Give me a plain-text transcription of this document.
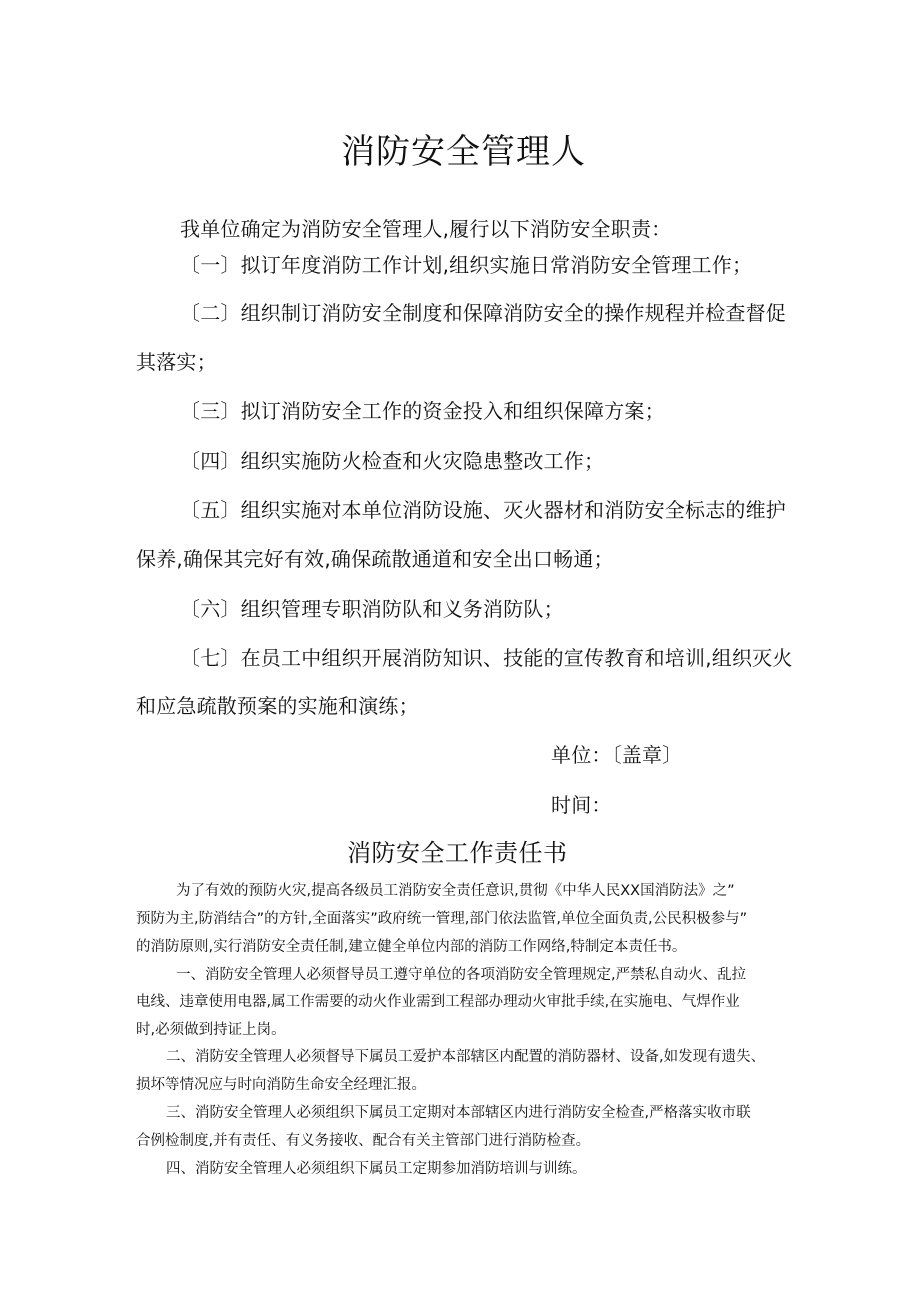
消防安全管理人
我单位确定为消防安全管理人,履行以下消防安全职责：
〔一〕拟订年度消防工作计划,组织实施日常消防安全管理工作；
〔二〕组织制订消防安全制度和保障消防安全的操作规程并检查督促
其落实；
〔三〕拟订消防安全工作的资金投入和组织保障方案；
〔四〕组织实施防火检查和火灾隐患整改工作；
〔五〕组织实施对本单位消防设施、灭火器材和消防安全标志的维护
保养,确保其完好有效,确保疏散通道和安全出口畅通；
〔六〕组织管理专职消防队和义务消防队；
〔七〕在员工中组织开展消防知识、技能的宣传教育和培训,组织灭火
和应急疏散预案的实施和演练；
单位：〔盖章〕
时间：
消防安全工作责任书
为了有效的预防火灾,提高各级员工消防安全责任意识,贯彻《中华人民XX国消防法》之”
预防为主,防消结合”的方针,全面落实”政府统一管理,部门依法监管,单位全面负责,公民积极参与”
的消防原则,实行消防安全责任制,建立健全单位内部的消防工作网络,特制定本责任书。
一、消防安全管理人必须督导员工遵守单位的各项消防安全管理规定,严禁私自动火、乱拉
电线、违章使用电器,属工作需要的动火作业需到工程部办理动火审批手续,在实施电、气焊作业
时,必须做到持证上岗。
二、消防安全管理人必须督导下属员工爱护本部辖区内配置的消防器材、设备,如发现有遗失、
损坏等情况应与时向消防生命安全经理汇报。
三、消防安全管理人必须组织下属员工定期对本部辖区内进行消防安全检查,严格落实收市联
合例检制度,并有责任、有义务接收、配合有关主管部门进行消防检查。
四、消防安全管理人必须组织下属员工定期参加消防培训与训练。
